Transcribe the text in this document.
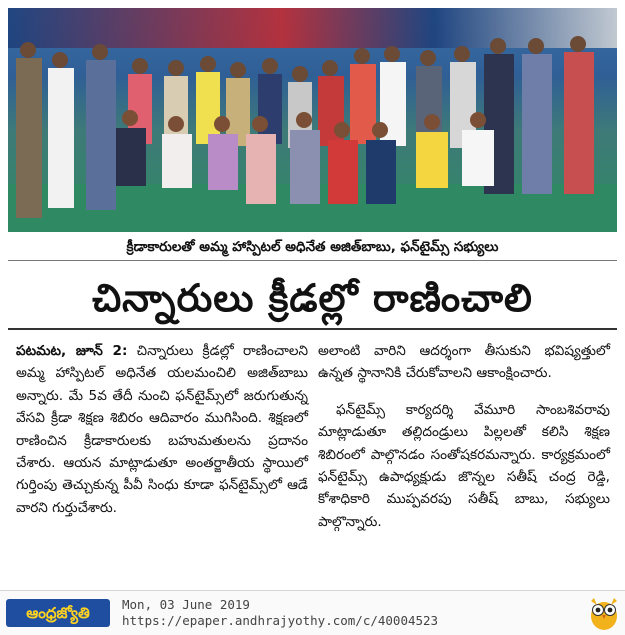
క్రీడాకారులతో అమ్మ హాస్పిటల్ అధినేత అజిత్‌బాబు, ఫన్‌టైమ్స్ సభ్యులు
చిన్నారులు క్రీడల్లో రాణించాలి

పటమట, జూన్ 2: చిన్నారులు క్రీడల్లో రాణించాలని అమ్మ హాస్పిటల్ అధినేత యలమంచిలి అజిత్‌బాబు అన్నారు. మే 5వ తేదీ నుంచి ఫన్‌టైమ్స్‌లో జరుగుతున్న వేసవి క్రీడా శిక్షణ శిబిరం ఆదివారం ముగిసింది. శిక్షణలో రాణించిన క్రీడాకారులకు బహుమతులను ప్రదానం చేశారు. ఆయన మాట్లాడుతూ అంతర్జాతీయ స్థాయిలో గుర్తింపు తెచ్చుకున్న పీవీ సింధు కూడా ఫన్‌టైమ్స్‌లో ఆడే వారని గుర్తుచేశారు.

అలాంటి వారిని ఆదర్శంగా తీసుకుని భవిష్యత్తులో ఉన్నత స్థానానికి చేరుకోవాలని ఆకాంక్షించారు.

ఫన్‌టైమ్స్ కార్యదర్శి వేమూరి సాంబశివరావు మాట్లాడుతూ తల్లిదండ్రులు పిల్లలతో కలిసి శిక్షణ శిబిరంలో పాల్గొనడం సంతోషకరమన్నారు. కార్యక్రమంలో ఫన్‌టైమ్స్ ఉపాధ్యక్షుడు జొన్నల సతీష్ చంద్ర రెడ్డి, కోశాధికారి ముప్పవరపు సతీష్ బాబు, సభ్యులు పాల్గొన్నారు.

ఆంధ్రజ్యోతి	Mon, 03 June 2019
https://epaper.andhrajyothy.com/c/40004523
